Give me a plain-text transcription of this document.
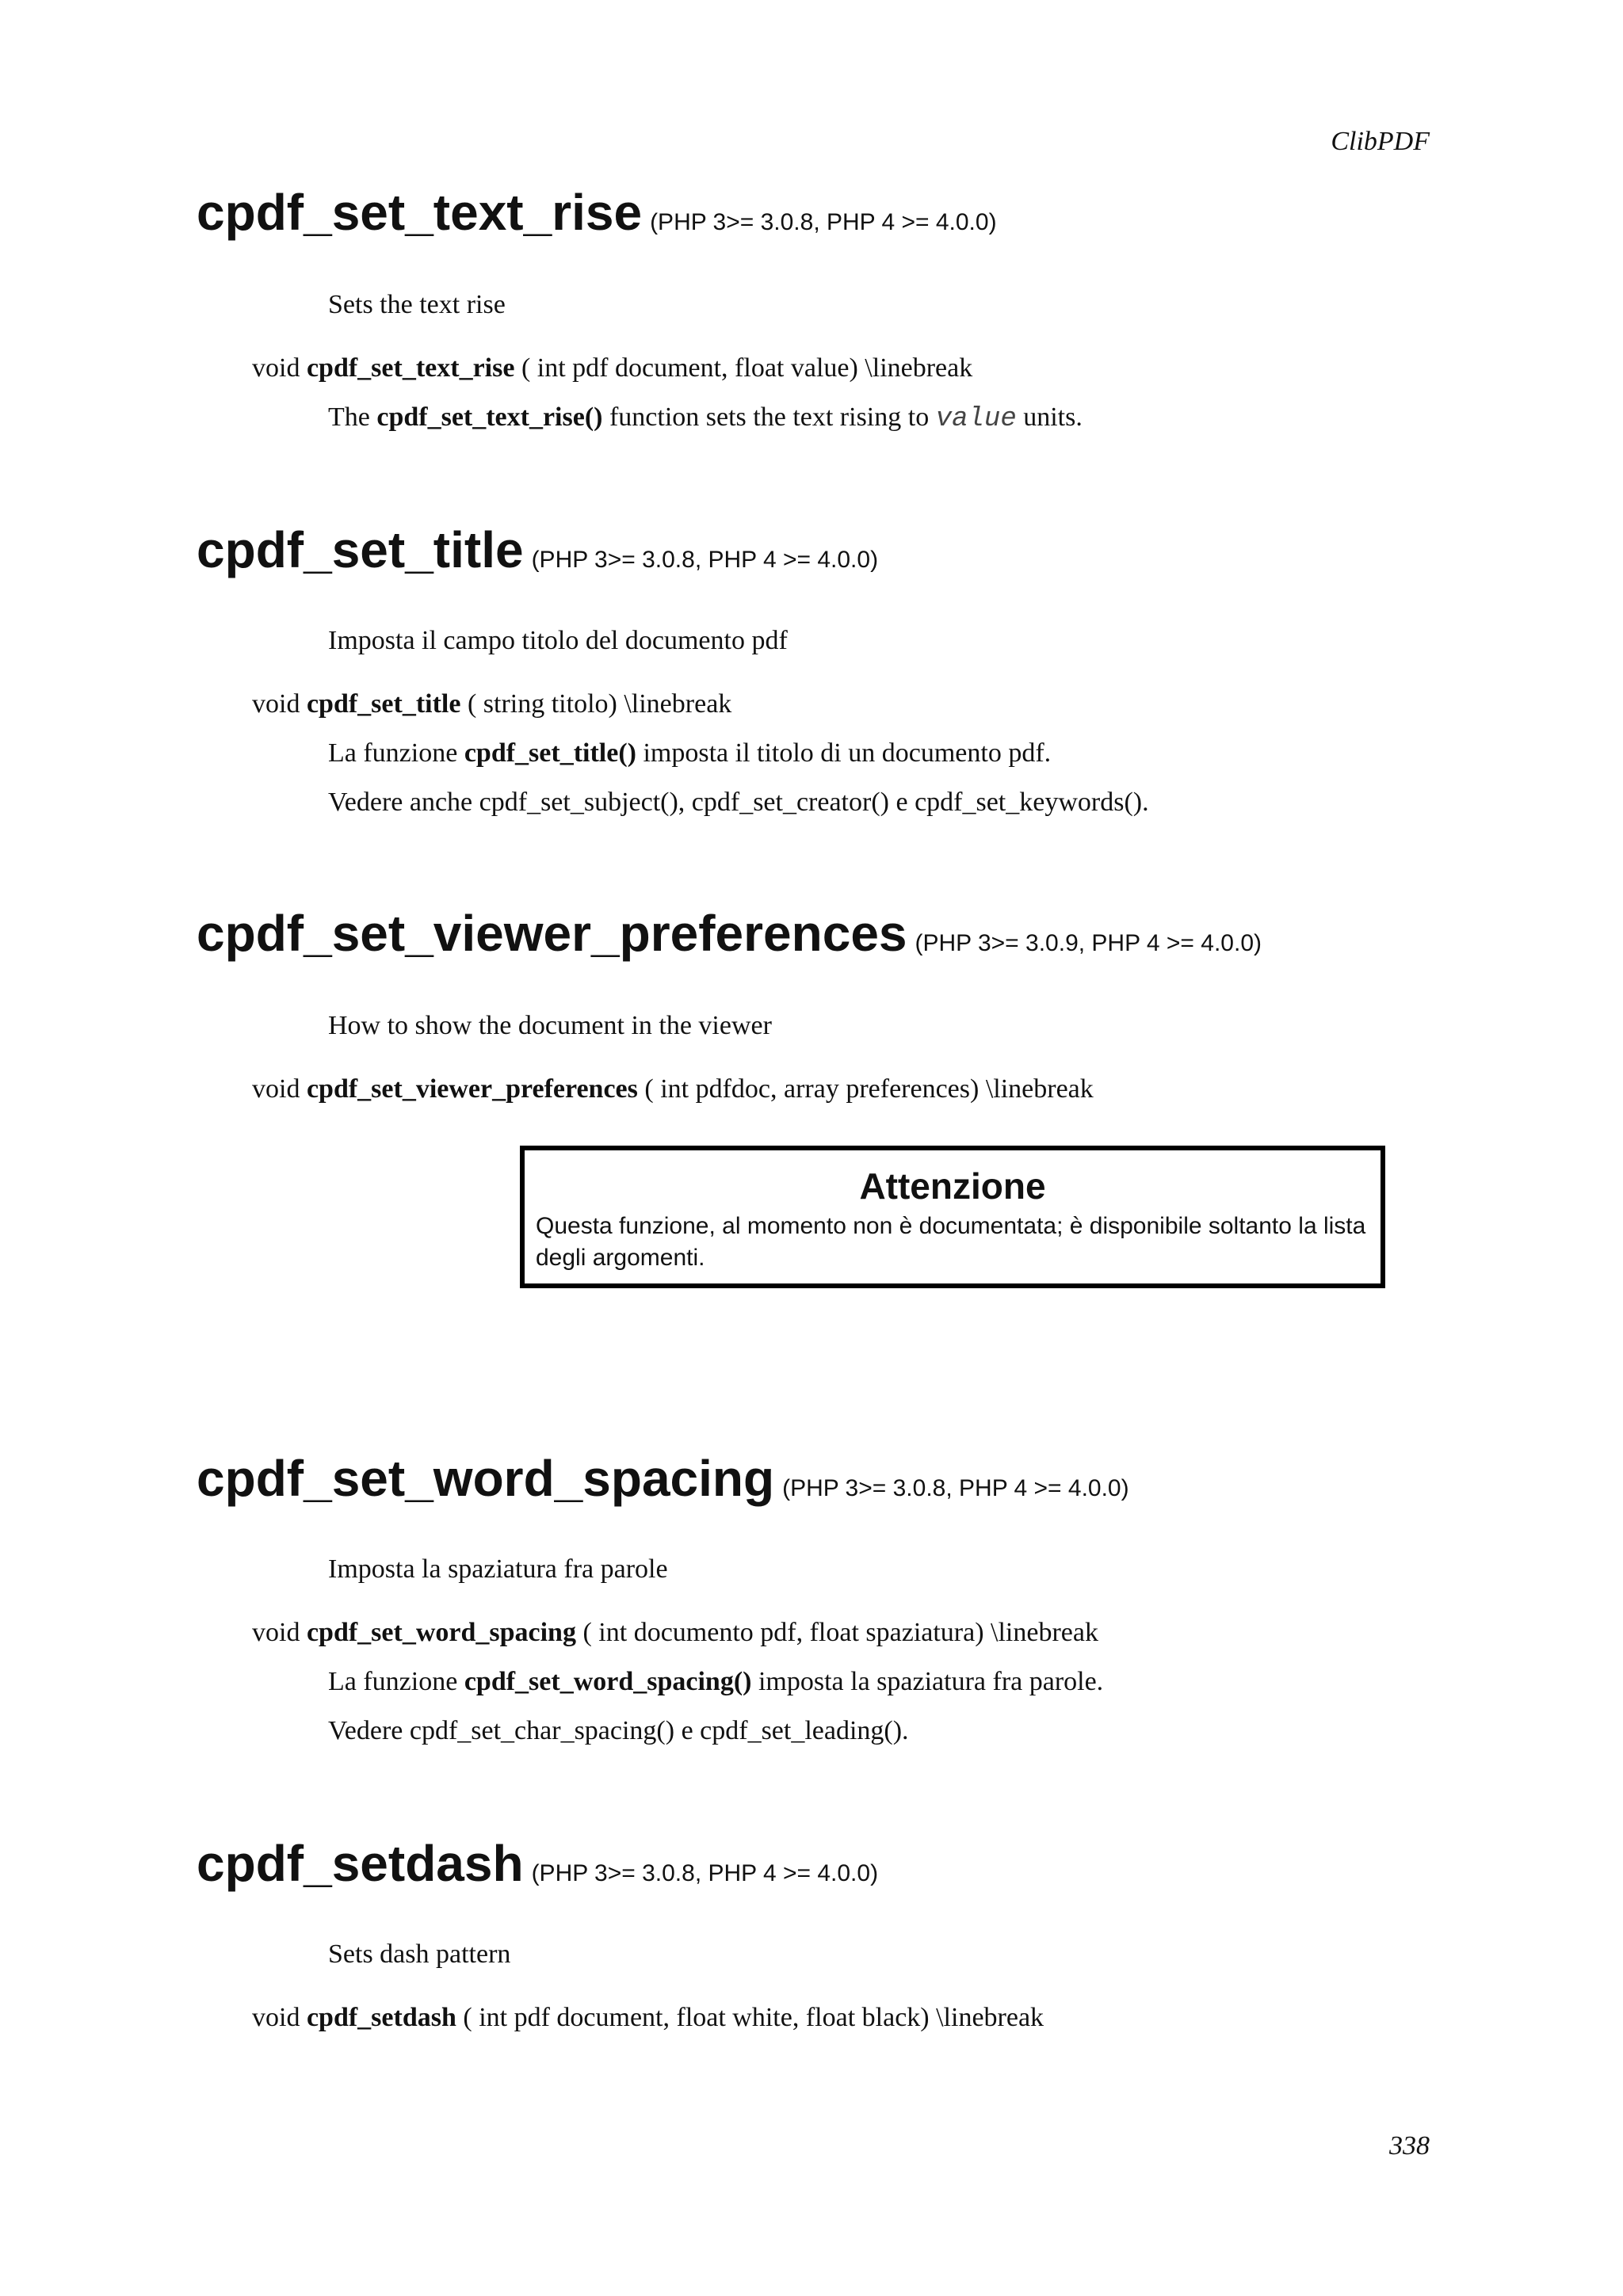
ClibPDF
cpdf_set_text_rise (PHP 3>= 3.0.8, PHP 4 >= 4.0.0)
Sets the text rise
void cpdf_set_text_rise ( int pdf document, float value) \linebreak
The cpdf_set_text_rise() function sets the text rising to value units.
cpdf_set_title (PHP 3>= 3.0.8, PHP 4 >= 4.0.0)
Imposta il campo titolo del documento pdf
void cpdf_set_title ( string titolo) \linebreak
La funzione cpdf_set_title() imposta il titolo di un documento pdf.
Vedere anche cpdf_set_subject(), cpdf_set_creator() e cpdf_set_keywords().
cpdf_set_viewer_preferences (PHP 3>= 3.0.9, PHP 4 >= 4.0.0)
How to show the document in the viewer
void cpdf_set_viewer_preferences ( int pdfdoc, array preferences) \linebreak
Attenzione
Questa funzione, al momento non è documentata; è disponibile soltanto la lista degli argomenti.
cpdf_set_word_spacing (PHP 3>= 3.0.8, PHP 4 >= 4.0.0)
Imposta la spaziatura fra parole
void cpdf_set_word_spacing ( int documento pdf, float spaziatura) \linebreak
La funzione cpdf_set_word_spacing() imposta la spaziatura fra parole.
Vedere cpdf_set_char_spacing() e cpdf_set_leading().
cpdf_setdash (PHP 3>= 3.0.8, PHP 4 >= 4.0.0)
Sets dash pattern
void cpdf_setdash ( int pdf document, float white, float black) \linebreak
338
